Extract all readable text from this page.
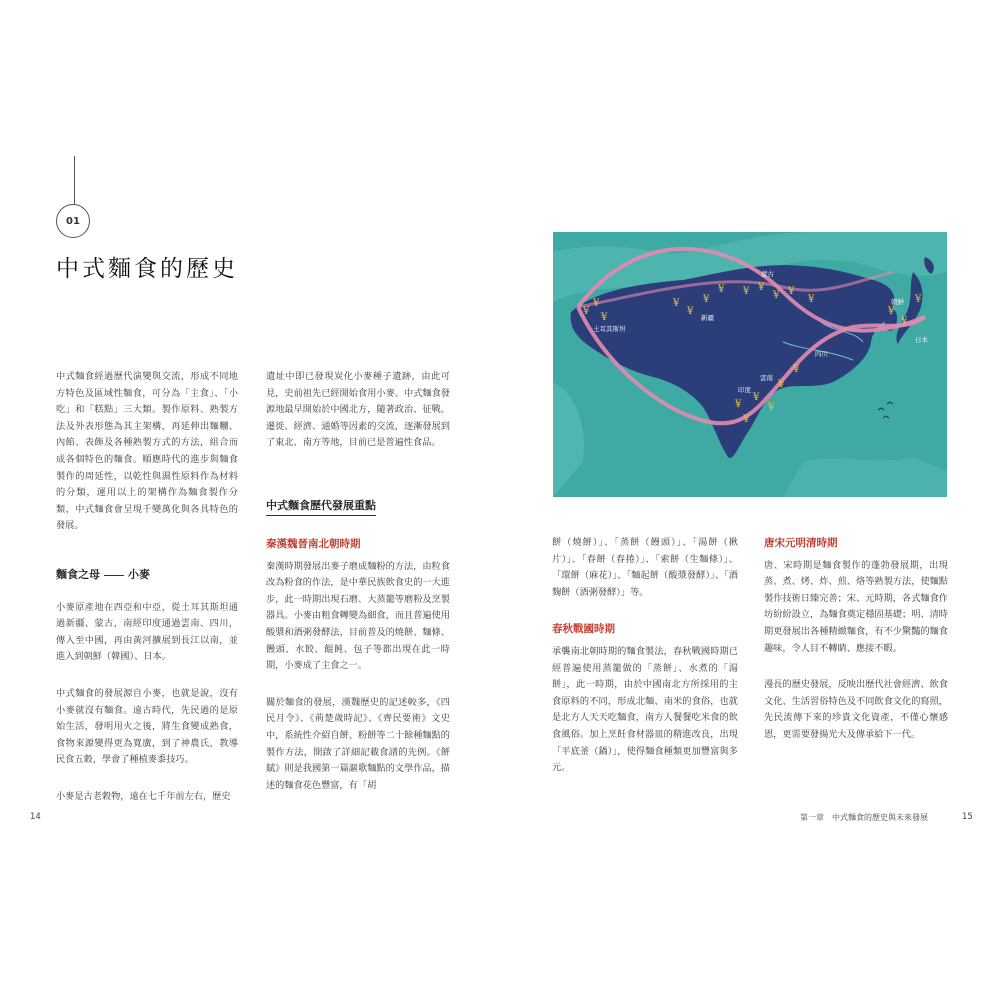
01
中式麵食的歷史

中式麵食經過歷代演變與交流，形成不同地方特色及區域性麵食，可分為「主食」、「小吃」和「糕點」三大類。製作原料、熟製方法及外表形態為其主架構，再延伸出麵糰、內餡、表飾及各種熟製方式的方法，組合而成各個特色的麵食。順應時代的進步與麵食製作的周延性，以乾性與濕性原料作為材料的分類，運用以上的架構作為麵食製作分類，中式麵食會呈現千變萬化與各具特色的發展。

麵食之母	小麥

小麥原產地在西亞和中亞，從土耳其斯坦通過新疆、蒙古，南經印度通過雲南、四川，傳入至中國，再由黃河擴展到長江以南，並進入到朝鮮（韓國）、日本。

中式麵食的發展源自小麥，也就是說，沒有小麥就沒有麵食。遠古時代，先民過的是原始生活，發明用火之後，將生食變成熟食，食物來源變得更為寬廣，到了神農氏，教導民食五穀，學會了種植麥黍技巧。

小麥是古老穀物，遠在七千年前左右，歷史

遺址中即已發現炭化小麥種子遺跡，由此可見，史前祖先已經開始食用小麥。中式麵食發源地最早開始於中國北方，隨著政治、征戰、遷徙、經濟、通婚等因素的交流，逐漸發展到了東北、南方等地，目前已是普遍性食品。

中式麵食歷代發展重點
秦漢魏晉南北朝時期

秦漢時期發展出麥子磨成麵粉的方法，由粒食改為粉食的作法，是中華民族飲食史的一大進步，此一時期出現石磨、大蒸籠等磨粉及烹製器具。小麥由粗食轉變為細食，而且普遍使用酸漿和酒粥發酵法，目前普及的燒餅、麵條、饅頭、水餃、餛飩、包子等都出現在此一時期，小麥成了主食之一。

關於麵食的發展，漢魏歷史的記述較多，《四民月令》、《荊楚歲時記》、《齊民要術》文史中，系統性介紹自餅、粉餅等二十餘種麵點的製作方法，開啟了詳細記載食譜的先例。《餅賦》則是我國第一篇謳歌麵點的文學作品，描述的麵食花色豐富，有「胡

14
¥
¥
¥
¥
¥
¥
¥ ¥ ¥
¥ ¥
¥
¥
¥
¥
¥
¥
¥
¥
¥
¥
土耳其斯坦
新疆
蒙古
朝鮮
日本
四川
雲南
印度

餅（燒餅）」、「蒸餅（饅頭）」、「湯餅（揪片）」、「春餅（春捲）」、「索餅（生麵條）」、「環餅（麻花）」、「麵起餅（酸漿發酵）」、「酒麴餅（酒粥發酵）」等。

春秋戰國時期

承襲南北朝時期的麵食製法，春秋戰國時期已經普遍使用蒸籠做的「蒸餅」、水煮的「湯餅」，此一時期，由於中國南北方所採用的主食原料的不同，形成北麵、南米的食俗，也就是北方人天天吃麵食，南方人餐餐吃米食的飲食風俗。加上烹飪食材器皿的精進改良，出現「平底釜（鍋）」，使得麵食種類更加豐富與多元。

唐宋元明清時期

唐、宋時期是麵食製作的蓬勃發展期，出現蒸、煮、烤、炸、煎、烙等熟製方法，使麵點製作技術日臻完善；宋、元時期，各式麵食作坊紛紛設立，為麵食奠定穩固基礎；明、清時期更發展出各種精緻麵食，有不少驚豔的麵食趣味，令人目不轉睛、應接不暇。

漫長的歷史發展，反映出歷代社會經濟、飲食文化、生活習俗特色及不同飲食文化的寫照，先民流傳下來的珍貴文化資產，不僅心懷感恩，更需要發揚光大及傳承給下一代。

第一章　中式麵食的歷史與未來發展	15
